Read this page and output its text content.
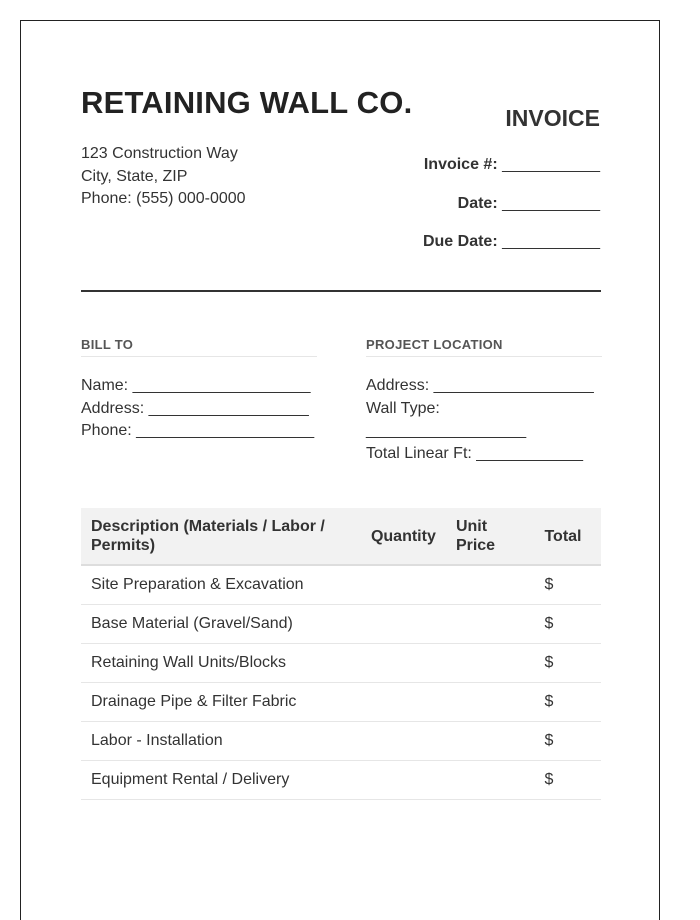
RETAINING WALL CO.
123 Construction Way
City, State, ZIP
Phone: (555) 000-0000
INVOICE
Invoice #: ___________
Date: ___________
Due Date: ___________
BILL TO
Name: ____________________
Address: __________________
Phone: ____________________
PROJECT LOCATION
Address: __________________
Wall Type:
__________________
Total Linear Ft: ____________
Description (Materials / Labor / Permits)	Quantity	Unit Price	Total
Site Preparation & Excavation			$
Base Material (Gravel/Sand)			$
Retaining Wall Units/Blocks			$
Drainage Pipe & Filter Fabric			$
Labor - Installation			$
Equipment Rental / Delivery			$
